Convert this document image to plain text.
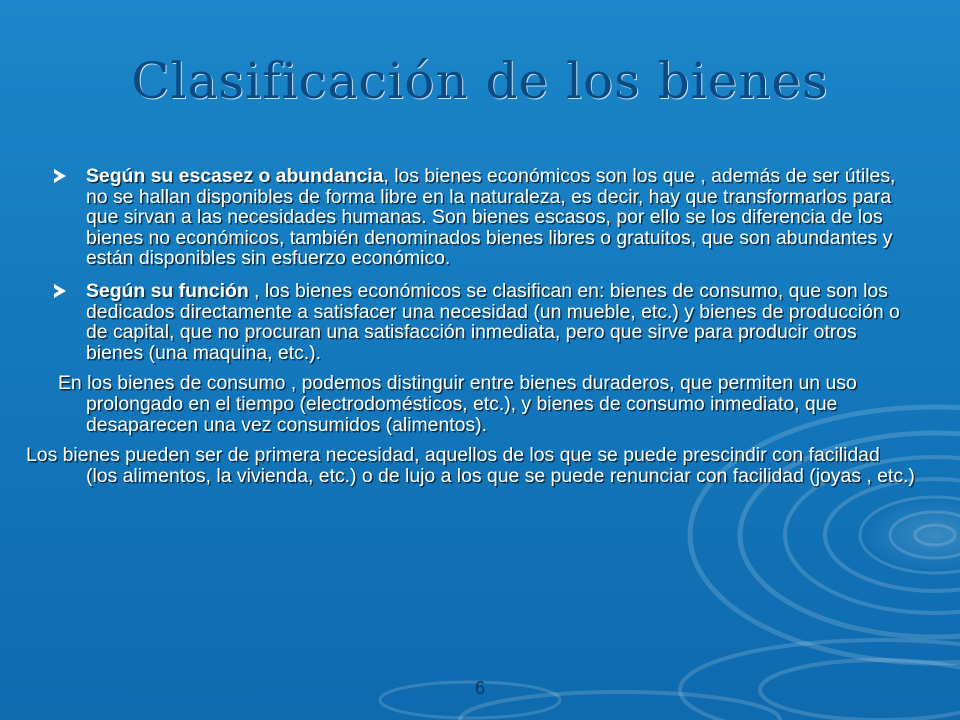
Clasificación de los bienes

Según su escasez o abundancia, los bienes económicos son los que , además de ser útiles, no se hallan disponibles de forma libre en la naturaleza, es decir, hay que transformarlos para que sirvan a las necesidades humanas. Son bienes escasos, por ello se los diferencia de los bienes no económicos, también denominados bienes libres o gratuitos, que son abundantes y están disponibles sin esfuerzo económico.

Según su función , los bienes económicos se clasifican en: bienes de consumo, que son los dedicados directamente a satisfacer una necesidad (un mueble, etc.) y bienes de producción o de capital, que no procuran una satisfacción inmediata, pero que sirve para producir otros bienes (una maquina, etc.).

En los bienes de consumo , podemos distinguir entre bienes duraderos, que permiten un uso prolongado en el tiempo (electrodomésticos, etc.), y bienes de consumo inmediato, que desaparecen una vez consumidos (alimentos).

Los bienes pueden ser de primera necesidad, aquellos de los que se puede prescindir con facilidad (los alimentos, la vivienda, etc.) o de lujo a los que se puede renunciar con facilidad (joyas , etc.)

6
